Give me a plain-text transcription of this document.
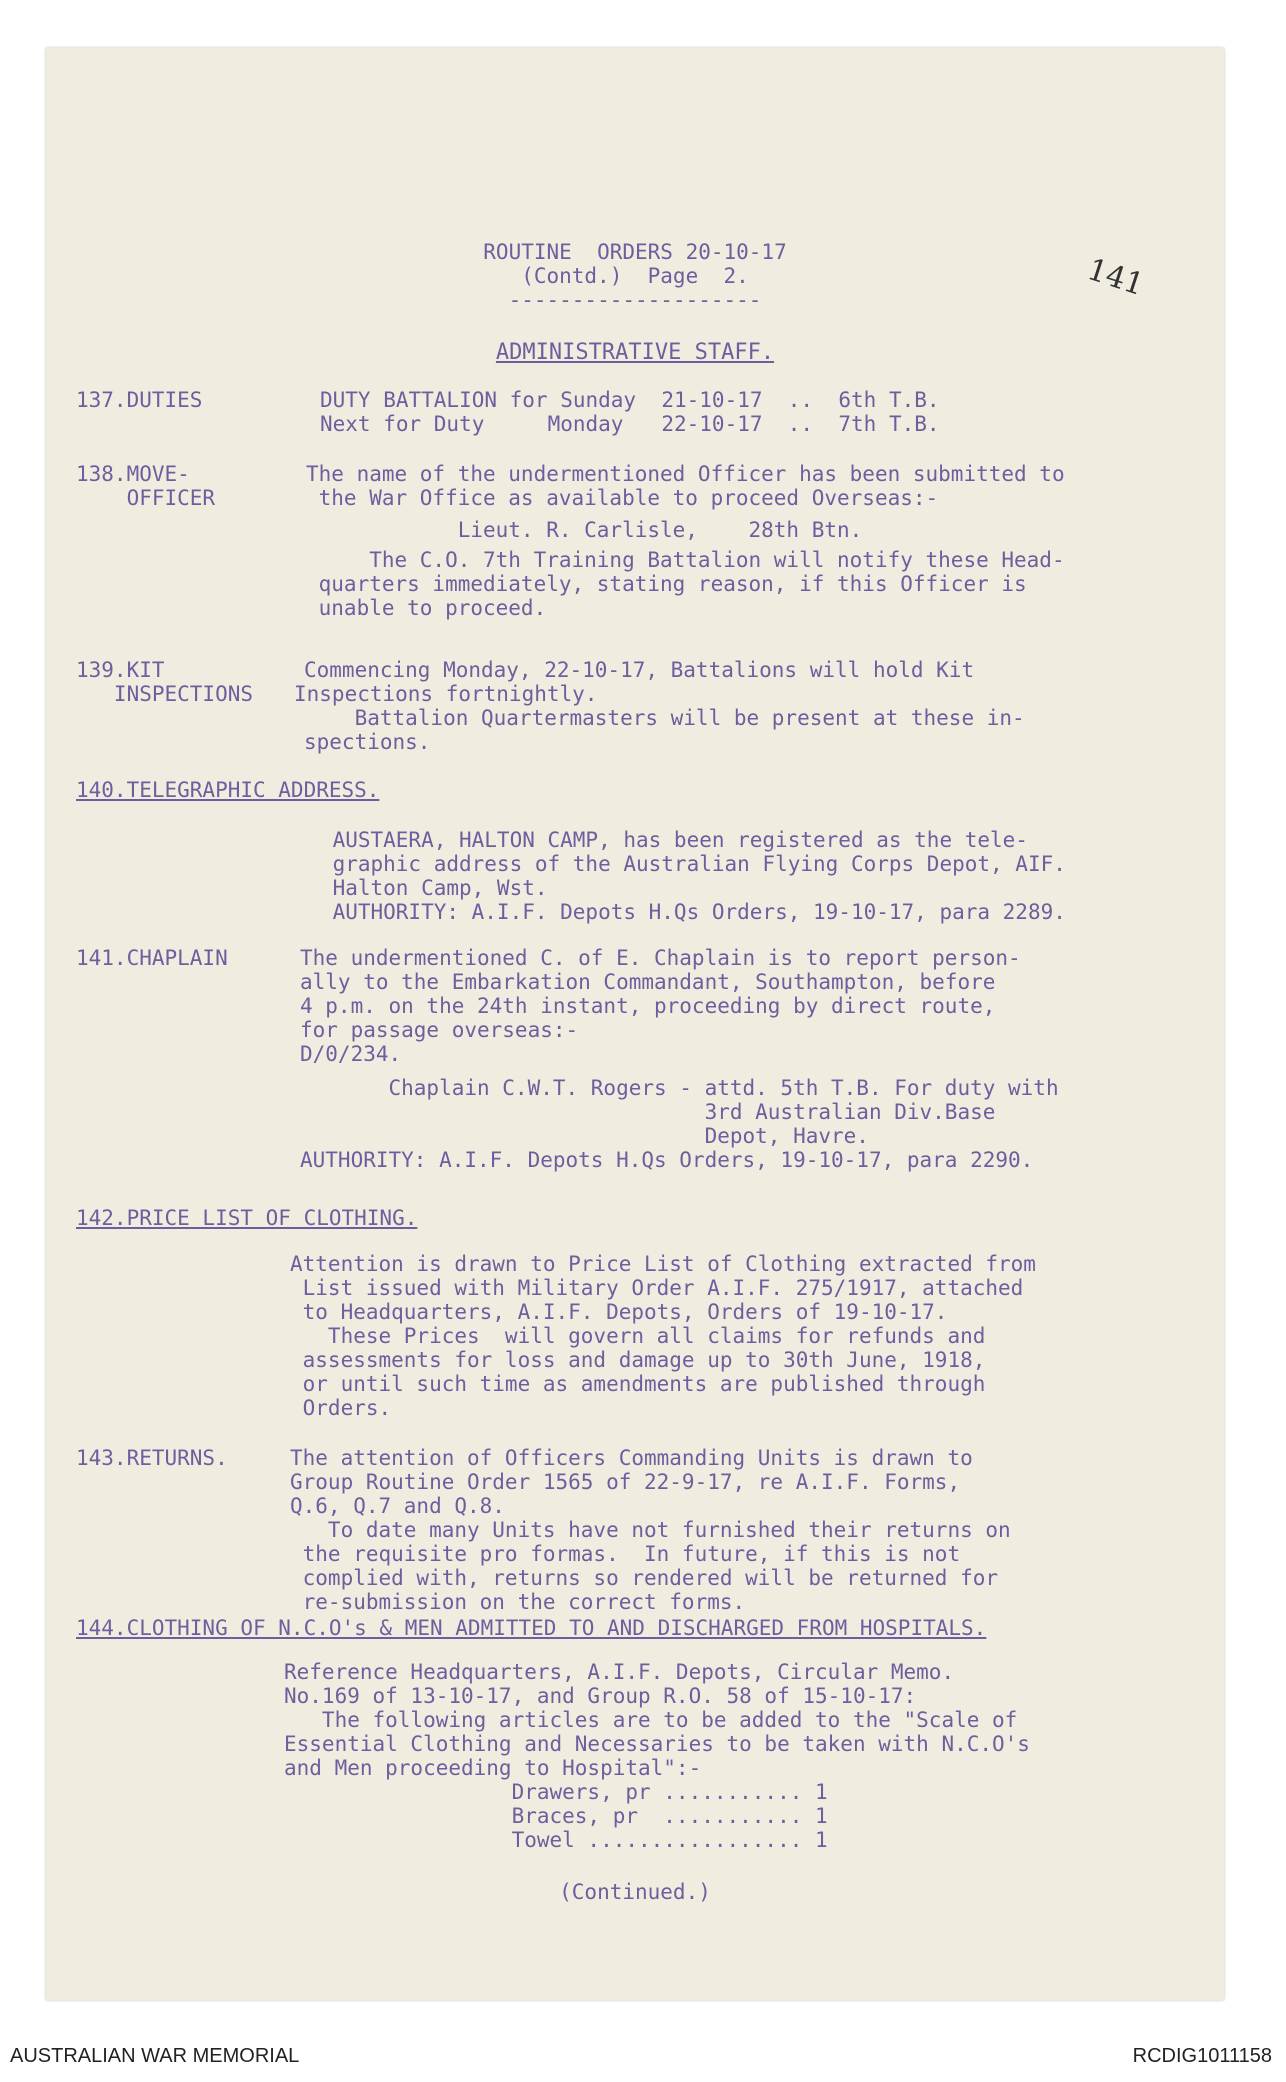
ROUTINE  ORDERS 20-10-17
(Contd.)  Page  2.
--------------------	141
ADMINISTRATIVE STAFF.
137.DUTIES	DUTY BATTALION for Sunday  21-10-17  ..  6th T.B.
Next for Duty     Monday   22-10-17  ..  7th T.B.
138.MOVE-
OFFICER
The name of the undermentioned Officer has been submitted to
the War Office as available to proceed Overseas:-
Lieut. R. Carlisle,    28th Btn.
The C.O. 7th Training Battalion will notify these Head-
quarters immediately, stating reason, if this Officer is
unable to proceed.
139.KIT
INSPECTIONS
Commencing Monday, 22-10-17, Battalions will hold Kit
Inspections fortnightly.
Battalion Quartermasters will be present at these in-
spections.
140.TELEGRAPHIC ADDRESS.
AUSTAERA, HALTON CAMP, has been registered as the tele-
graphic address of the Australian Flying Corps Depot, AIF.
Halton Camp, Wst.
AUTHORITY: A.I.F. Depots H.Qs Orders, 19-10-17, para 2289.
141.CHAPLAIN	The undermentioned C. of E. Chaplain is to report person-
ally to the Embarkation Commandant, Southampton, before
4 p.m. on the 24th instant, proceeding by direct route,
for passage overseas:-
D/0/234.
Chaplain C.W.T. Rogers - attd. 5th T.B. For duty with
3rd Australian Div.Base
Depot, Havre.
AUTHORITY: A.I.F. Depots H.Qs Orders, 19-10-17, para 2290.
142.PRICE LIST OF CLOTHING.
Attention is drawn to Price List of Clothing extracted from
List issued with Military Order A.I.F. 275/1917, attached
to Headquarters, A.I.F. Depots, Orders of 19-10-17.
These Prices  will govern all claims for refunds and
assessments for loss and damage up to 30th June, 1918,
or until such time as amendments are published through
Orders.
143.RETURNS.	The attention of Officers Commanding Units is drawn to
Group Routine Order 1565 of 22-9-17, re A.I.F. Forms,
Q.6, Q.7 and Q.8.
To date many Units have not furnished their returns on
the requisite pro formas.  In future, if this is not
complied with, returns so rendered will be returned for
re-submission on the correct forms.
144.CLOTHING OF N.C.O's & MEN ADMITTED TO AND DISCHARGED FROM HOSPITALS.
Reference Headquarters, A.I.F. Depots, Circular Memo.
No.169 of 13-10-17, and Group R.O. 58 of 15-10-17:
The following articles are to be added to the "Scale of
Essential Clothing and Necessaries to be taken with N.C.O's
and Men proceeding to Hospital":-
Drawers, pr ........... 1
Braces, pr  ........... 1
Towel ................. 1
(Continued.)
AUSTRALIAN WAR MEMORIAL	RCDIG1011158
